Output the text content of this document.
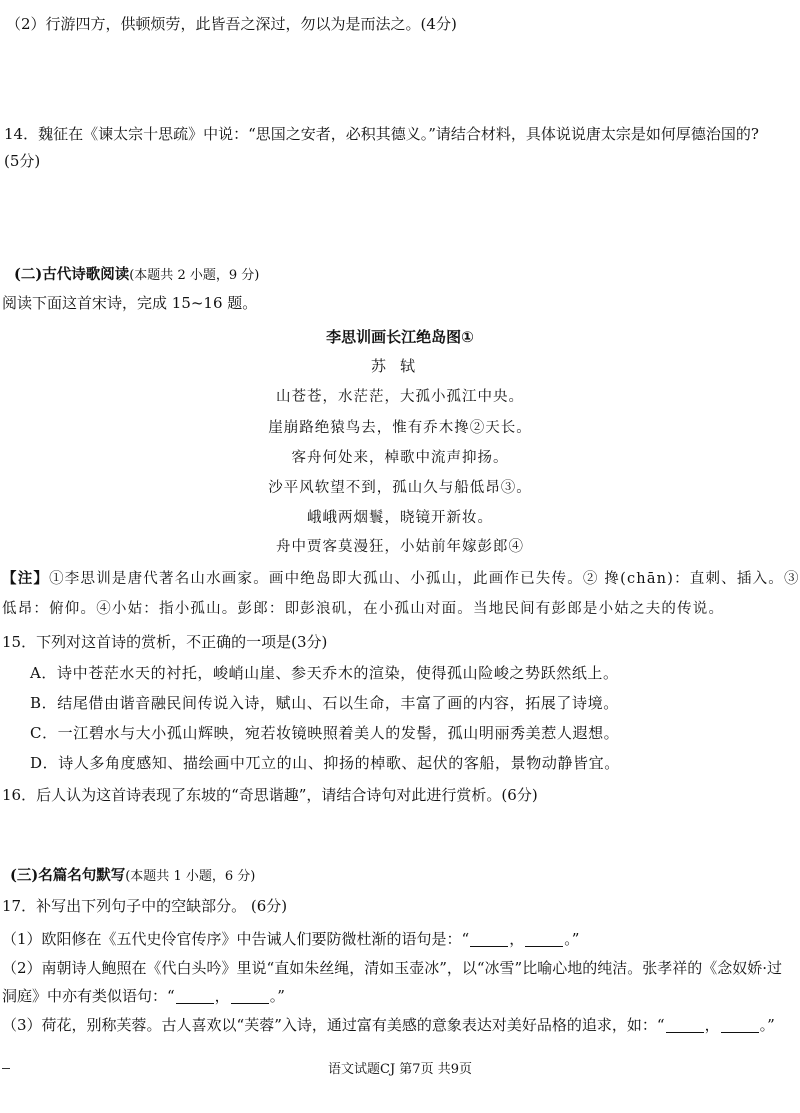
（2）行游四方，供顿烦劳，此皆吾之深过，勿以为是而法之。(4分)
14．魏征在《谏太宗十思疏》中说：“思国之安者，必积其德义。”请结合材料，具体说说唐太宗是如何厚德治国的?
(5分)
(二)古代诗歌阅读(本题共 2 小题，9 分)
阅读下面这首宋诗，完成 15~16 题。
李思训画长江绝岛图①
苏轼
山苍苍，水茫茫，大孤小孤江中央。
崖崩路绝猿鸟去，惟有乔木搀②天长。
客舟何处来，棹歌中流声抑扬。
沙平风软望不到，孤山久与船低昂③。
峨峨两烟鬟，晓镜开新妆。
舟中贾客莫漫狂，小姑前年嫁彭郎④
【注】①李思训是唐代著名山水画家。画中绝岛即大孤山、小孤山，此画作已失传。② 搀(chān)：直刺、插入。③
低昂：俯仰。④小姑：指小孤山。彭郎：即彭浪矶，在小孤山对面。当地民间有彭郎是小姑之夫的传说。
15．下列对这首诗的赏析，不正确的一项是(3分)
A．诗中苍茫水天的衬托，峻峭山崖、参天乔木的渲染，使得孤山险峻之势跃然纸上。
B．结尾借由谐音融民间传说入诗，赋山、石以生命，丰富了画的内容，拓展了诗境。
C．一江碧水与大小孤山辉映，宛若妆镜映照着美人的发髻，孤山明丽秀美惹人遐想。
D．诗人多角度感知、描绘画中兀立的山、抑扬的棹歌、起伏的客船，景物动静皆宜。
16．后人认为这首诗表现了东坡的“奇思谐趣”，请结合诗句对此进行赏析。(6分)
(三)名篇名句默写(本题共 1 小题，6 分)
17．补写出下列句子中的空缺部分。 (6分)
（1）欧阳修在《五代史伶官传序》中告诫人们要防微杜渐的语句是：“	，	。”
（2）南朝诗人鲍照在《代白头吟》里说“直如朱丝绳，清如玉壶冰”，以“冰雪”比喻心地的纯洁。张孝祥的《念奴娇·过
洞庭》中亦有类似语句：“	，	。”
（3）荷花，别称芙蓉。古人喜欢以“芙蓉”入诗，通过富有美感的意象表达对美好品格的追求，如：“	，	。”
语文试题CJ 第7页 共9页
